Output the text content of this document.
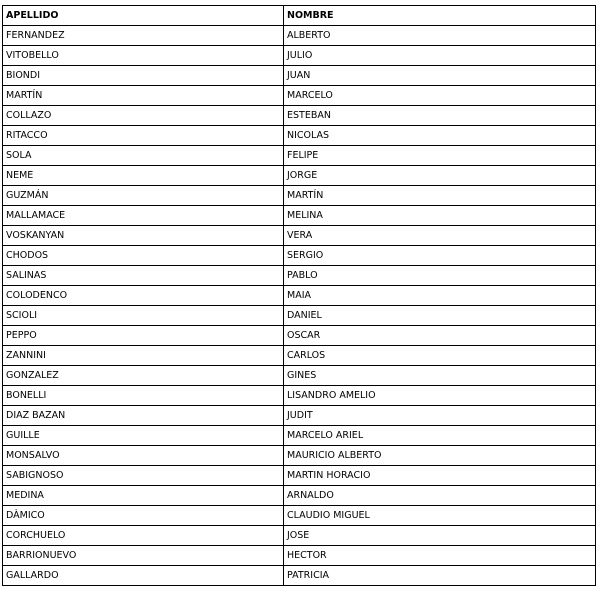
APELLIDO	NOMBRE
FERNANDEZ	ALBERTO
VITOBELLO	JULIO
BIONDI	JUAN
MARTÍN	MARCELO
COLLAZO	ESTEBAN
RITACCO	NICOLAS
SOLA	FELIPE
NEME	JORGE
GUZMÁN	MARTÍN
MALLAMACE	MELINA
VOSKANYAN	VERA
CHODOS	SERGIO
SALINAS	PABLO
COLODENCO	MAIA
SCIOLI	DANIEL
PEPPO	OSCAR
ZANNINI	CARLOS
GONZALEZ	GINES
BONELLI	LISANDRO AMELIO
DIAZ BAZAN	JUDIT
GUILLE	MARCELO ARIEL
MONSALVO	MAURICIO ALBERTO
SABIGNOSO	MARTIN HORACIO
MEDINA	ARNALDO
DÀMICO	CLAUDIO MIGUEL
CORCHUELO	JOSE
BARRIONUEVO	HECTOR
GALLARDO	PATRICIA
